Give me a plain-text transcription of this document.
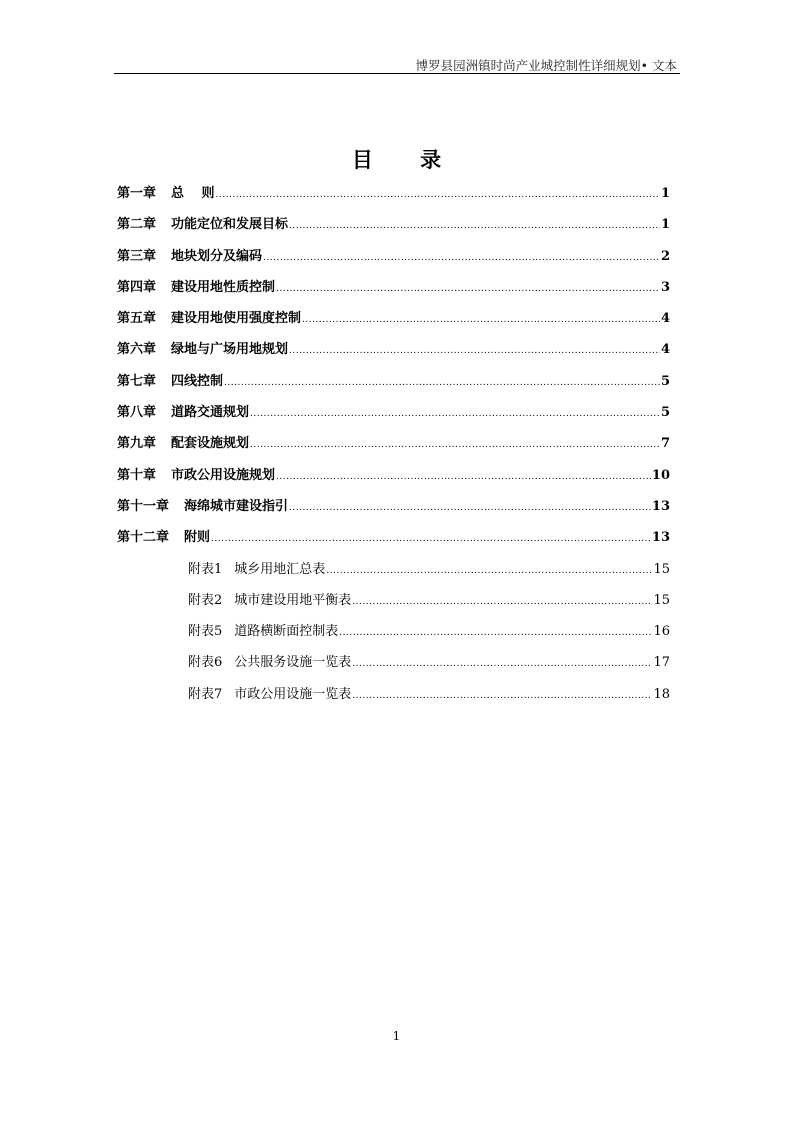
博罗县园洲镇时尚产业城控制性详细规划• 文本
目 录
第一章 总　 则 .....	1
第二章 功能定位和发展目标 .....	1
第三章 地块划分及编码 .....	2
第四章 建设用地性质控制 .....	3
第五章 建设用地使用强度控制 .....	4
第六章 绿地与广场用地规划 .....	4
第七章 四线控制 .....	5
第八章 道路交通规划 .....	5
第九章 配套设施规划 .....	7
第十章 市政公用设施规划 .....	10
第十一章 海绵城市建设指引 .....	13
第十二章 附则 .....	13
附表1 城乡用地汇总表 .....	15
附表2 城市建设用地平衡表 .....	15
附表5 道路横断面控制表 .....	16
附表6 公共服务设施一览表 .....	17
附表7 市政公用设施一览表 .....	18
1
